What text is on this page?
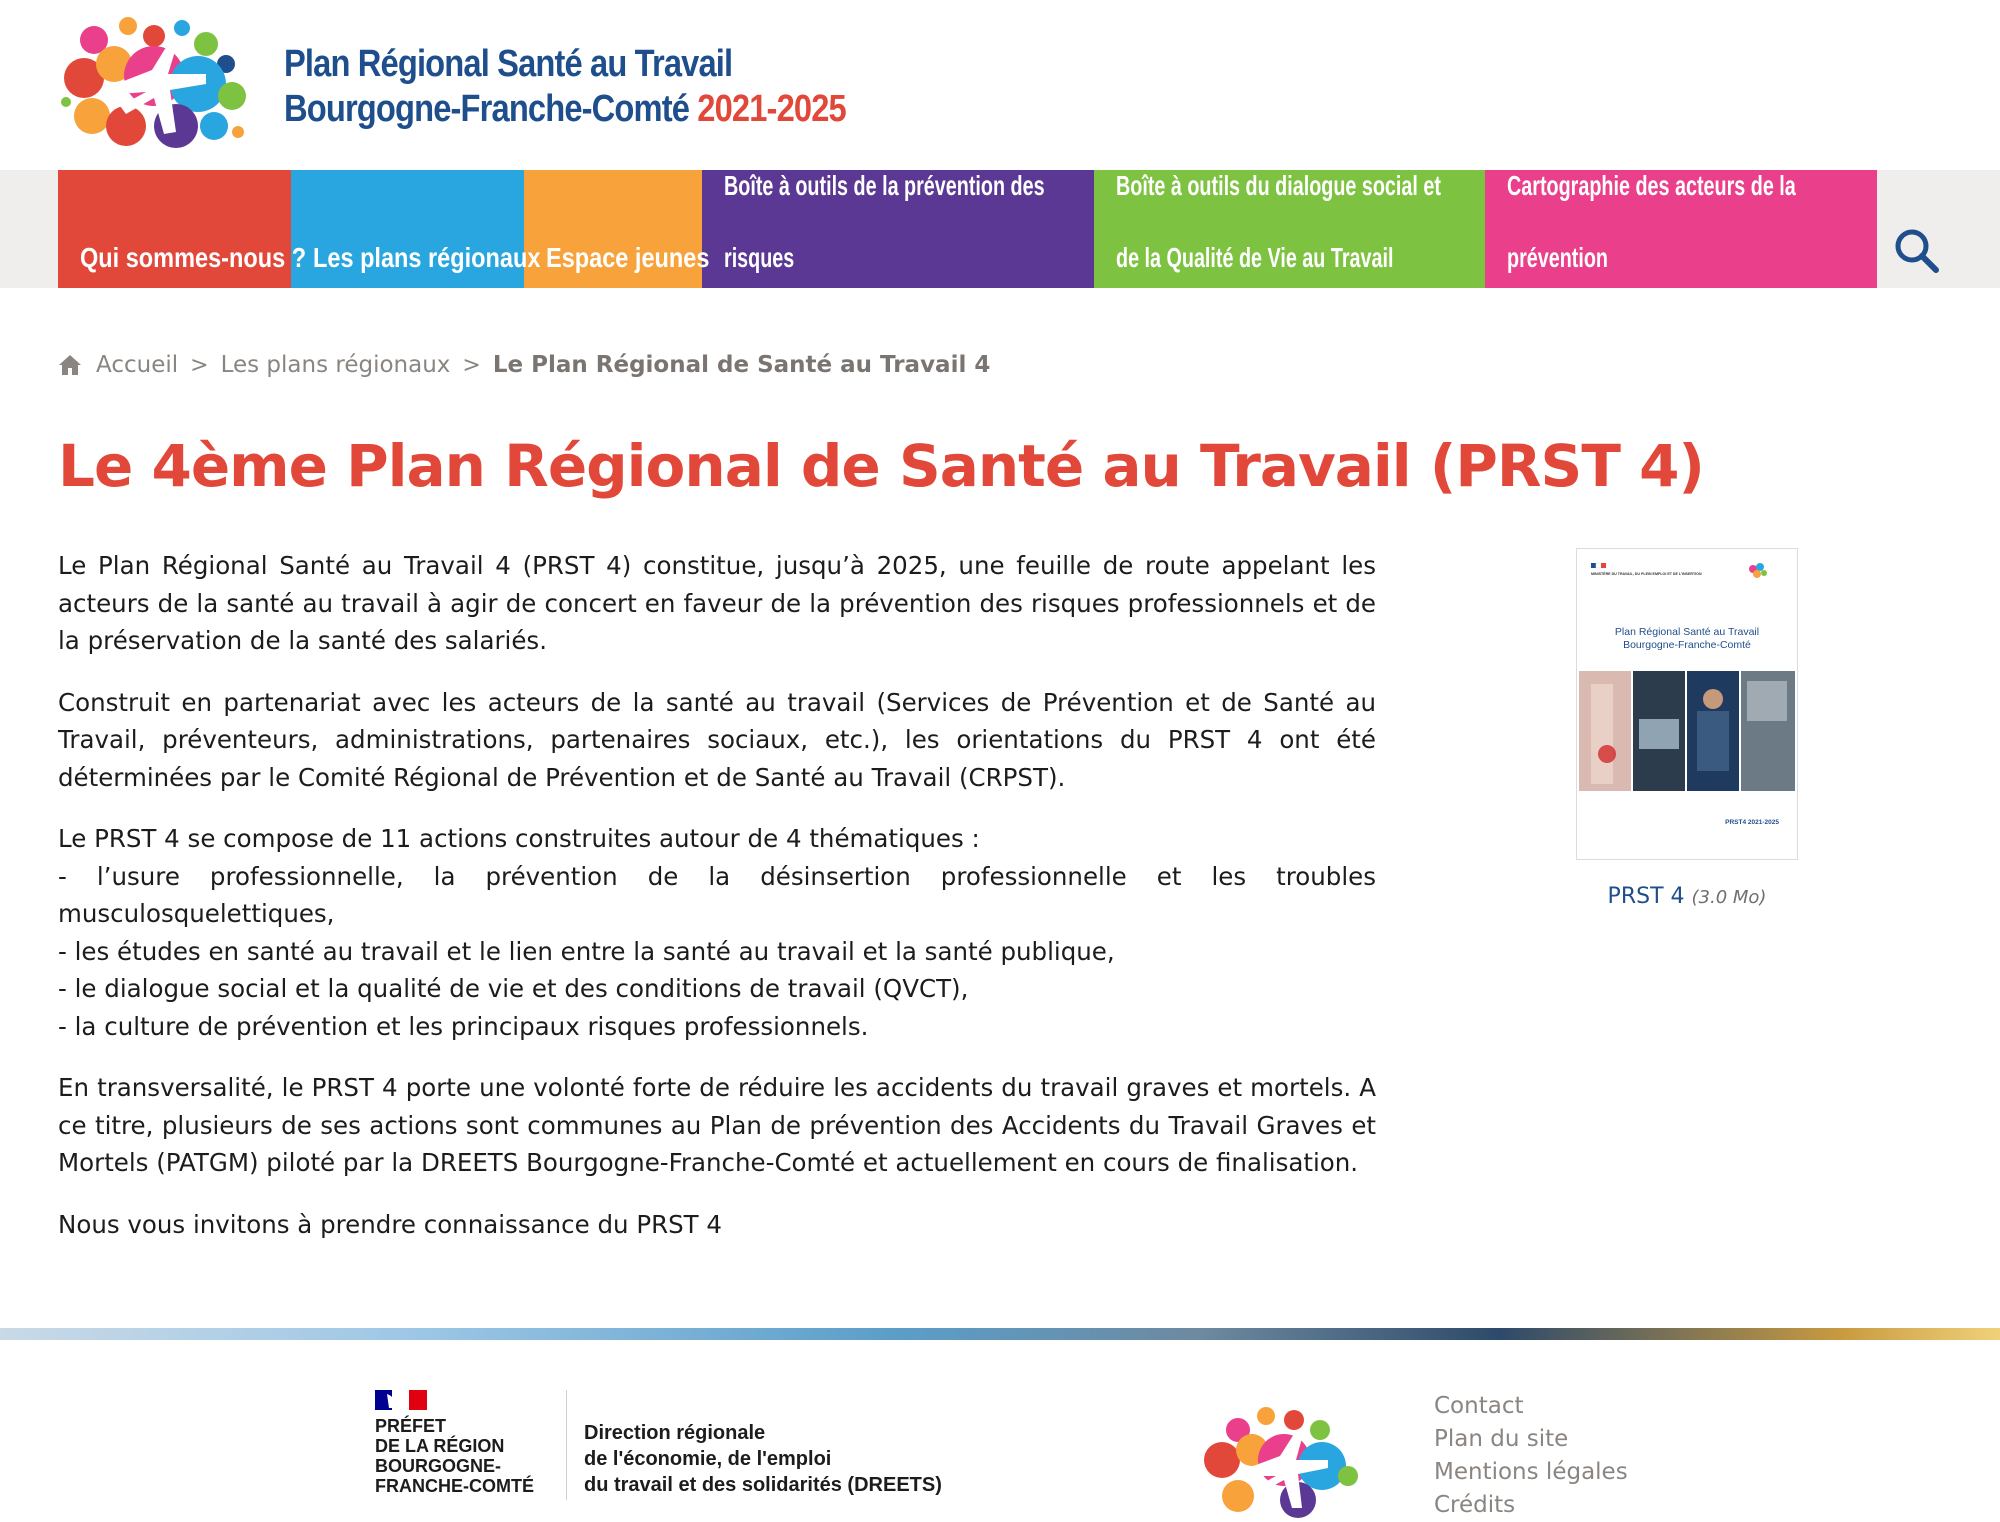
Plan Régional Santé au Travail
Bourgogne-Franche-Comté 2021-2025
Qui sommes-nous ? Les plans régionaux Espace jeunes
Boîte à outils de la prévention des

risques
Boîte à outils du dialogue social et

de la Qualité de Vie au Travail
Cartographie des acteurs de la

prévention
Accueil > Les plans régionaux > Le Plan Régional de Santé au Travail 4
Le 4ème Plan Régional de Santé au Travail (PRST 4)

Le Plan Régional Santé au Travail 4 (PRST 4) constitue, jusqu’à 2025, une feuille de route appelant les acteurs de la santé au travail à agir de concert en faveur de la prévention des risques professionnels et de la préservation de la santé des salariés.

Construit en partenariat avec les acteurs de la santé au travail (Services de Prévention et de Santé au Travail, préventeurs, administrations, partenaires sociaux, etc.), les orientations du PRST 4 ont été déterminées par le Comité Régional de Prévention et de Santé au Travail (CRPST).

Le PRST 4 se compose de 11 actions construites autour de 4 thématiques :
- l’usure professionnelle, la prévention de la désinsertion professionnelle et les troubles musculosquelettiques,
- les études en santé au travail et le lien entre la santé au travail et la santé publique,
- le dialogue social et la qualité de vie et des conditions de travail (QVCT),
- la culture de prévention et les principaux risques professionnels.

En transversalité, le PRST 4 porte une volonté forte de réduire les accidents du travail graves et mortels. A ce titre, plusieurs de ses actions sont communes au Plan de prévention des Accidents du Travail Graves et Mortels (PATGM) piloté par la DREETS Bourgogne-Franche-Comté et actuellement en cours de finalisation.

Nous vous invitons à prendre connaissance du PRST 4

MINISTÈRE DU TRAVAIL, DU PLEIN EMPLOI ET DE L'INSERTION
Plan Régional Santé au Travail
Bourgogne-Franche-Comté
PRST4 2021-2025
PRST 4 (3.0 Mo)
PRÉFET
DE LA RÉGION
BOURGOGNE-
FRANCHE-COMTÉ
Direction régionale
de l'économie, de l'emploi
du travail et des solidarités (DREETS)
Contact
Plan du site
Mentions légales
Crédits
